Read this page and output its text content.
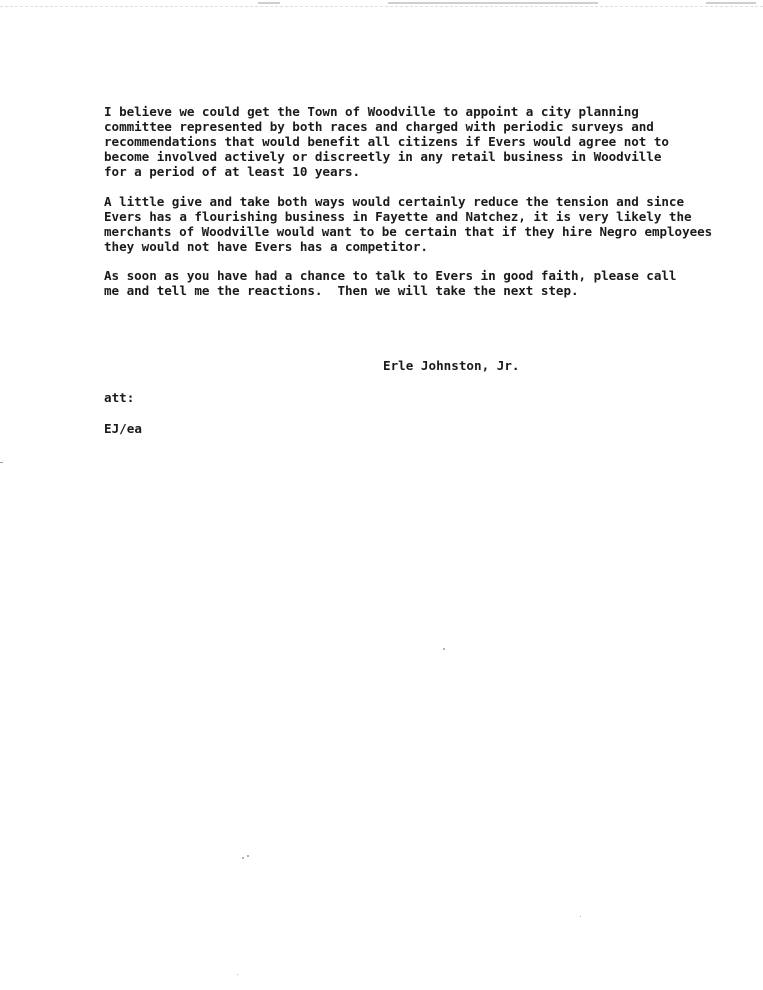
I believe we could get the Town of Woodville to appoint a city planning
committee represented by both races and charged with periodic surveys and
recommendations that would benefit all citizens if Evers would agree not to
become involved actively or discreetly in any retail business in Woodville
for a period of at least 10 years.
A little give and take both ways would certainly reduce the tension and since
Evers has a flourishing business in Fayette and Natchez, it is very likely the
merchants of Woodville would want to be certain that if they hire Negro employees
they would not have Evers has a competitor.
As soon as you have had a chance to talk to Evers in good faith, please call
me and tell me the reactions.  Then we will take the next step.
Erle Johnston, Jr.
att:
EJ/ea
